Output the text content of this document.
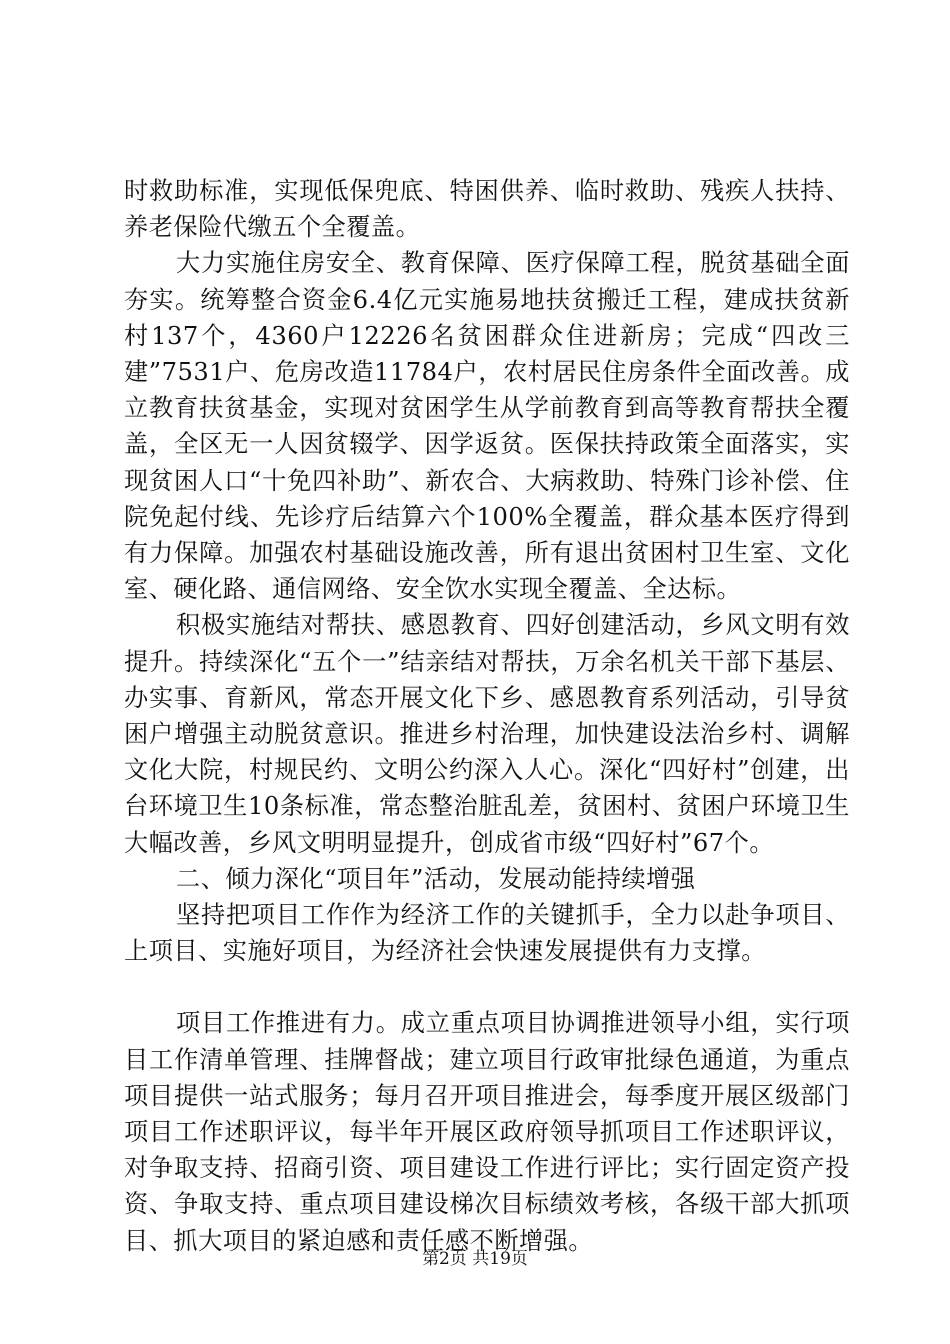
时救助标准，实现低保兜底、特困供养、临时救助、残疾人扶持、养老保险代缴五个全覆盖。

大力实施住房安全、教育保障、医疗保障工程，脱贫基础全面夯实。统筹整合资金6.4亿元实施易地扶贫搬迁工程，建成扶贫新村137个，4360户12226名贫困群众住进新房；完成“四改三建”7531户、危房改造11784户，农村居民住房条件全面改善。成立教育扶贫基金，实现对贫困学生从学前教育到高等教育帮扶全覆盖，全区无一人因贫辍学、因学返贫。医保扶持政策全面落实，实现贫困人口“十免四补助”、新农合、大病救助、特殊门诊补偿、住院免起付线、先诊疗后结算六个100%全覆盖，群众基本医疗得到有力保障。加强农村基础设施改善，所有退出贫困村卫生室、文化室、硬化路、通信网络、安全饮水实现全覆盖、全达标。

积极实施结对帮扶、感恩教育、四好创建活动，乡风文明有效提升。持续深化“五个一”结亲结对帮扶，万余名机关干部下基层、办实事、育新风，常态开展文化下乡、感恩教育系列活动，引导贫困户增强主动脱贫意识。推进乡村治理，加快建设法治乡村、调解文化大院，村规民约、文明公约深入人心。深化“四好村”创建，出台环境卫生10条标准，常态整治脏乱差，贫困村、贫困户环境卫生大幅改善，乡风文明明显提升，创成省市级“四好村”67个。

二、倾力深化“项目年”活动，发展动能持续增强

坚持把项目工作作为经济工作的关键抓手，全力以赴争项目、上项目、实施好项目，为经济社会快速发展提供有力支撑。

项目工作推进有力。成立重点项目协调推进领导小组，实行项目工作清单管理、挂牌督战；建立项目行政审批绿色通道，为重点项目提供一站式服务；每月召开项目推进会，每季度开展区级部门项目工作述职评议，每半年开展区政府领导抓项目工作述职评议，对争取支持、招商引资、项目建设工作进行评比；实行固定资产投资、争取支持、重点项目建设梯次目标绩效考核，各级干部大抓项目、抓大项目的紧迫感和责任感不断增强。

第2页 共19页
